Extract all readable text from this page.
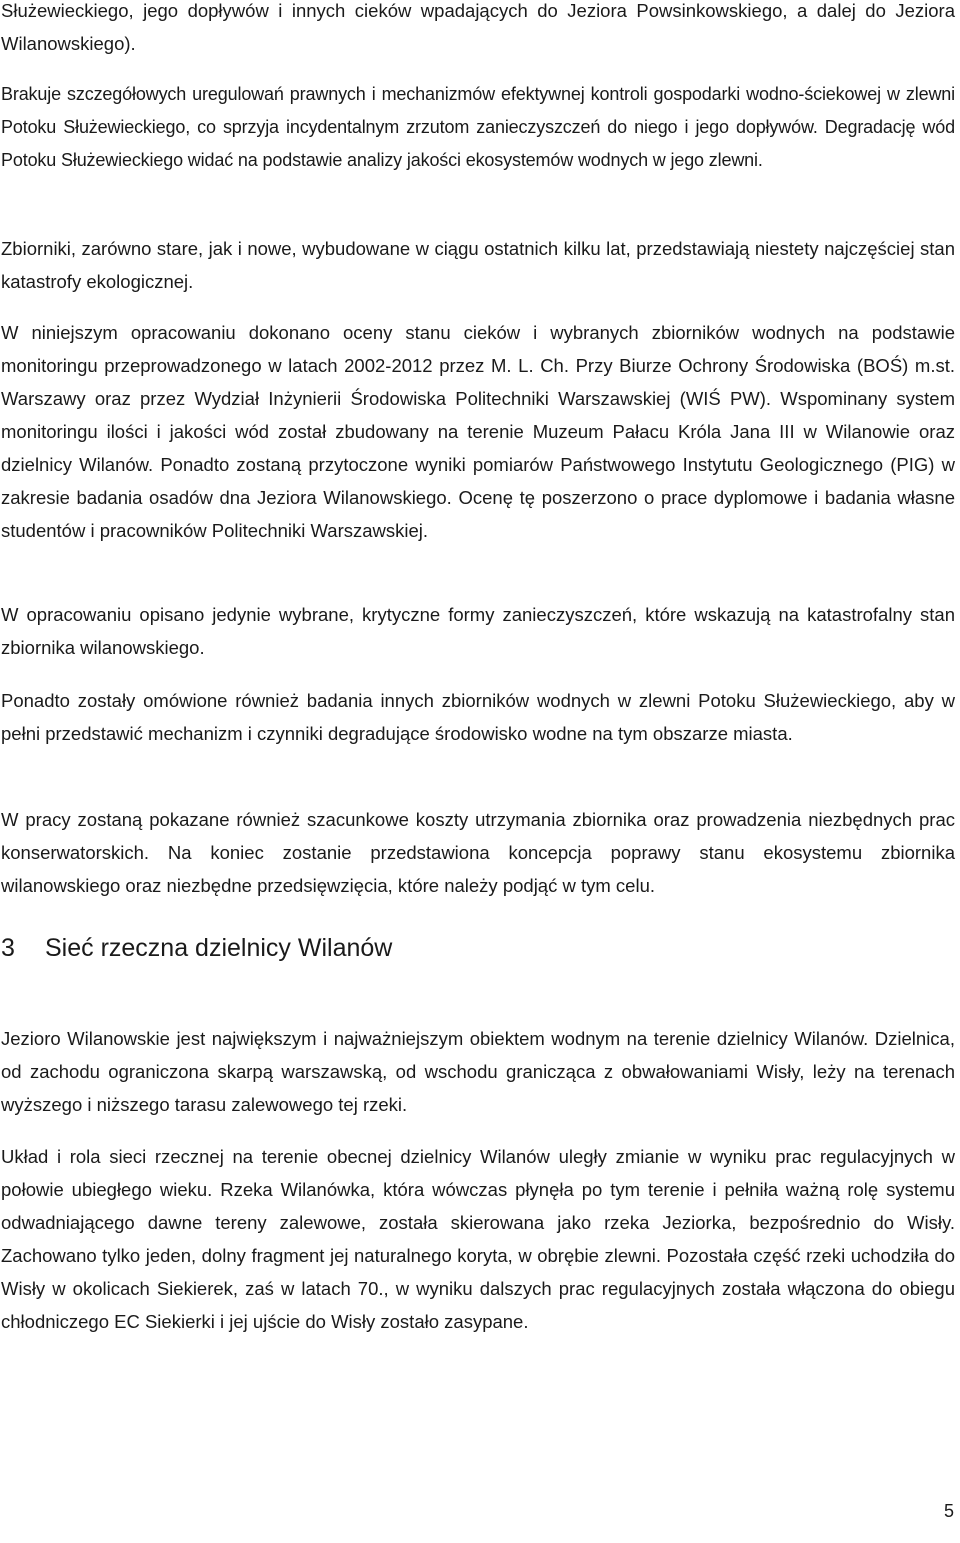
Służewieckiego, jego dopływów i innych cieków wpadających do Jeziora Powsinkowskiego, a dalej do Jeziora Wilanowskiego).

Brakuje szczegółowych uregulowań prawnych i mechanizmów efektywnej kontroli gospodarki wodno-ściekowej w zlewni Potoku Służewieckiego, co sprzyja incydentalnym zrzutom zanieczyszczeń do niego i jego dopływów. Degradację wód Potoku Służewieckiego widać na podstawie analizy jakości ekosystemów wodnych w jego zlewni.

Zbiorniki, zarówno stare, jak i nowe, wybudowane w ciągu ostatnich kilku lat, przedstawiają niestety najczęściej stan katastrofy ekologicznej.

W niniejszym opracowaniu dokonano oceny stanu cieków i wybranych zbiorników wodnych na podstawie monitoringu przeprowadzonego w latach 2002-2012 przez M. L. Ch. Przy Biurze Ochrony Środowiska (BOŚ) m.st. Warszawy oraz przez Wydział Inżynierii Środowiska Politechniki Warszawskiej (WIŚ PW). Wspominany system monitoringu ilości i jakości wód został zbudowany na terenie Muzeum Pałacu Króla Jana III w Wilanowie oraz dzielnicy Wilanów. Ponadto zostaną przytoczone wyniki pomiarów Państwowego Instytutu Geologicznego (PIG) w zakresie badania osadów dna Jeziora Wilanowskiego. Ocenę tę poszerzono o prace dyplomowe i badania własne studentów i pracowników Politechniki Warszawskiej.

W opracowaniu opisano jedynie wybrane, krytyczne formy zanieczyszczeń, które wskazują na katastrofalny stan zbiornika wilanowskiego.

Ponadto zostały omówione również badania innych zbiorników wodnych w zlewni Potoku Służewieckiego, aby w pełni przedstawić mechanizm i czynniki degradujące środowisko wodne na tym obszarze miasta.

W pracy zostaną pokazane również szacunkowe koszty utrzymania zbiornika oraz prowadzenia niezbędnych prac konserwatorskich. Na koniec zostanie przedstawiona koncepcja poprawy stanu ekosystemu zbiornika wilanowskiego oraz niezbędne przedsięwzięcia, które należy podjąć w tym celu.

3 Sieć rzeczna dzielnicy Wilanów

Jezioro Wilanowskie jest największym i najważniejszym obiektem wodnym na terenie dzielnicy Wilanów. Dzielnica, od zachodu ograniczona skarpą warszawską, od wschodu granicząca z obwałowaniami Wisły, leży na terenach wyższego i niższego tarasu zalewowego tej rzeki.

Układ i rola sieci rzecznej na terenie obecnej dzielnicy Wilanów uległy zmianie w wyniku prac regulacyjnych w połowie ubiegłego wieku. Rzeka Wilanówka, która wówczas płynęła po tym terenie i pełniła ważną rolę systemu odwadniającego dawne tereny zalewowe, została skierowana jako rzeka Jeziorka, bezpośrednio do Wisły. Zachowano tylko jeden, dolny fragment jej naturalnego koryta, w obrębie zlewni. Pozostała część rzeki uchodziła do Wisły w okolicach Siekierek, zaś w latach 70., w wyniku dalszych prac regulacyjnych została włączona do obiegu chłodniczego EC Siekierki i jej ujście do Wisły zostało zasypane.

5
